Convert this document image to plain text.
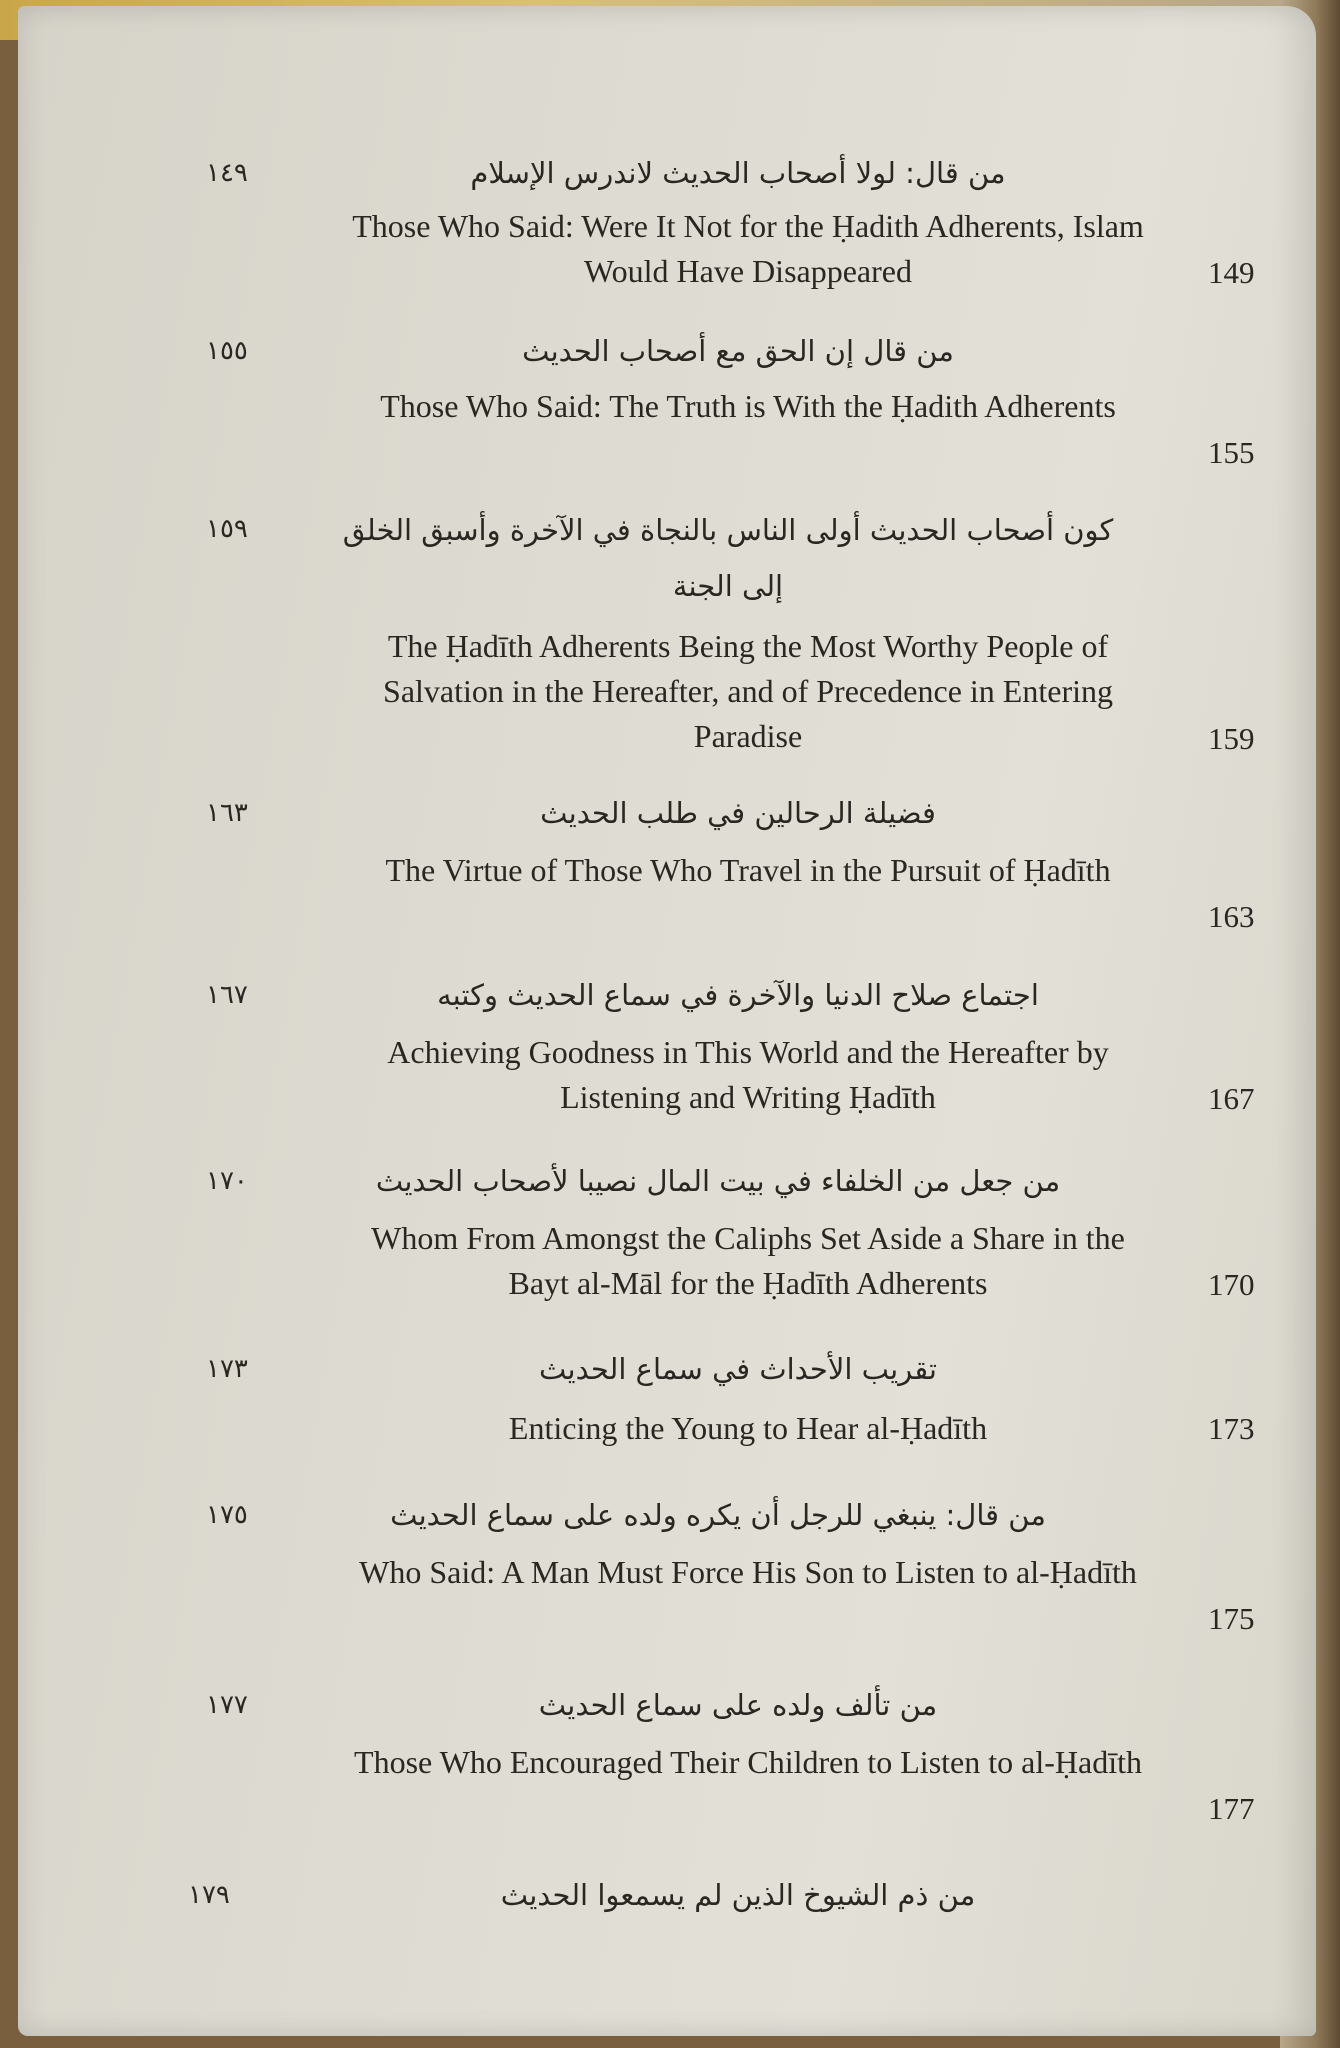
من قال: لولا أصحاب الحديث لاندرس الإسلام
١٤٩
Those Who Said: Were It Not for the Ḥadith Adherents, Islam Would Have Disappeared	149
من قال إن الحق مع أصحاب الحديث
١٥٥
Those Who Said: The Truth is With the Ḥadith Adherents
155
كون أصحاب الحديث أولى الناس بالنجاة في الآخرة وأسبق الخلق إلى الجنة
١٥٩
The Ḥadīth Adherents Being the Most Worthy People of Salvation in the Hereafter, and of Precedence in Entering Paradise	159
فضيلة الرحالين في طلب الحديث
١٦٣
The Virtue of Those Who Travel in the Pursuit of Ḥadīth
163
اجتماع صلاح الدنيا والآخرة في سماع الحديث وكتبه
١٦٧
Achieving Goodness in This World and the Hereafter by Listening and Writing Ḥadīth	167
من جعل من الخلفاء في بيت المال نصيبا لأصحاب الحديث
١٧٠
Whom From Amongst the Caliphs Set Aside a Share in the Bayt al-Māl for the Ḥadīth Adherents	170
تقريب الأحداث في سماع الحديث
١٧٣
Enticing the Young to Hear al-Ḥadīth	173
من قال: ينبغي للرجل أن يكره ولده على سماع الحديث
١٧٥
Who Said: A Man Must Force His Son to Listen to al-Ḥadīth
175
من تألف ولده على سماع الحديث
١٧٧
Those Who Encouraged Their Children to Listen to al-Ḥadīth
177
من ذم الشيوخ الذين لم يسمعوا الحديث
١٧٩
